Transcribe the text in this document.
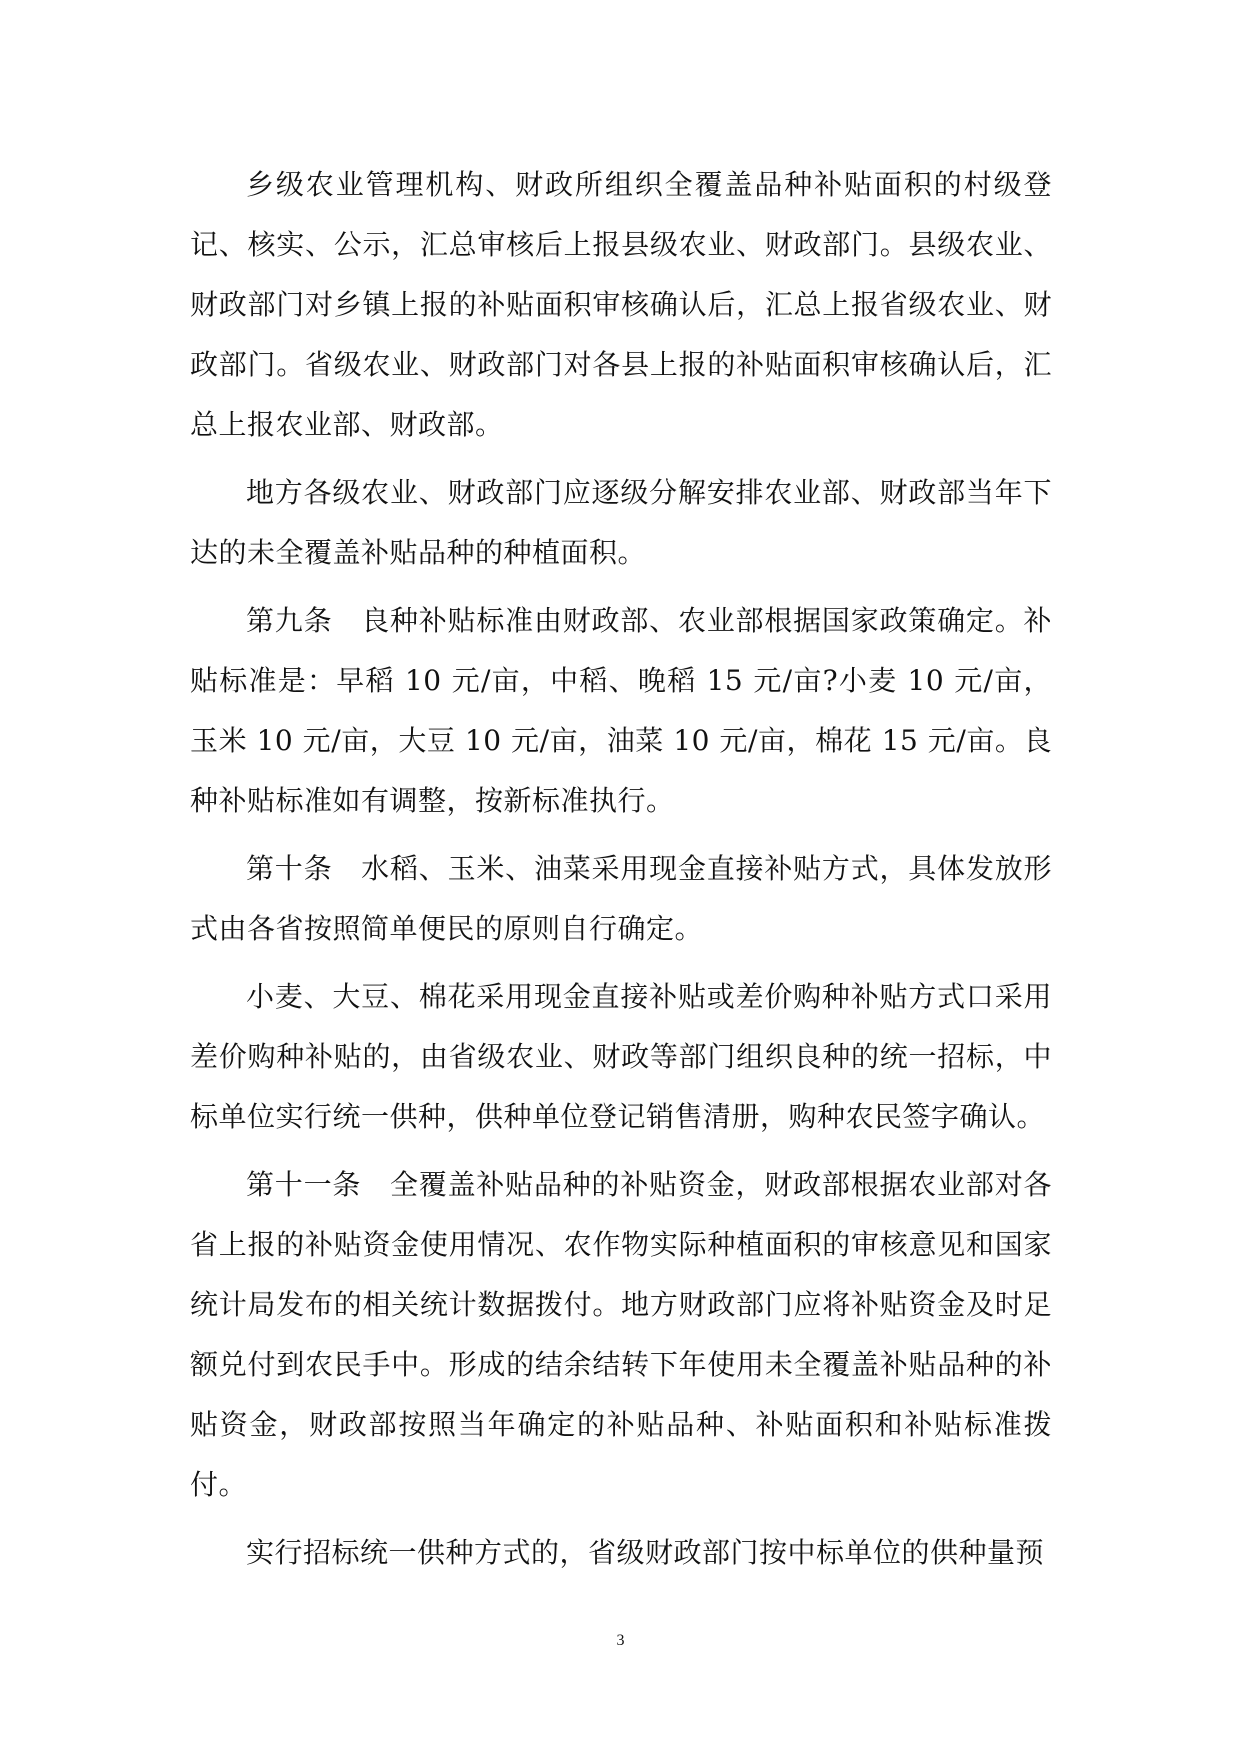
乡级农业管理机构、财政所组织全覆盖品种补贴面积的村级登记、核实、公示，汇总审核后上报县级农业、财政部门。县级农业、财政部门对乡镇上报的补贴面积审核确认后，汇总上报省级农业、财政部门。省级农业、财政部门对各县上报的补贴面积审核确认后，汇总上报农业部、财政部。

地方各级农业、财政部门应逐级分解安排农业部、财政部当年下达的未全覆盖补贴品种的种植面积。

第九条　良种补贴标准由财政部、农业部根据国家政策确定。补贴标准是：早稻 10 元/亩，中稻、晚稻 15 元/亩?小麦 10 元/亩，玉米 10 元/亩，大豆 10 元/亩，油菜 10 元/亩，棉花 15 元/亩。良种补贴标准如有调整，按新标准执行。

第十条　水稻、玉米、油菜采用现金直接补贴方式，具体发放形式由各省按照简单便民的原则自行确定。

小麦、大豆、棉花采用现金直接补贴或差价购种补贴方式口采用差价购种补贴的，由省级农业、财政等部门组织良种的统一招标，中标单位实行统一供种，供种单位登记销售清册，购种农民签字确认。

第十一条　全覆盖补贴品种的补贴资金，财政部根据农业部对各省上报的补贴资金使用情况、农作物实际种植面积的审核意见和国家统计局发布的相关统计数据拨付。地方财政部门应将补贴资金及时足额兑付到农民手中。形成的结余结转下年使用未全覆盖补贴品种的补贴资金，财政部按照当年确定的补贴品种、补贴面积和补贴标准拨付。

实行招标统一供种方式的，省级财政部门按中标单位的供种量预

3
